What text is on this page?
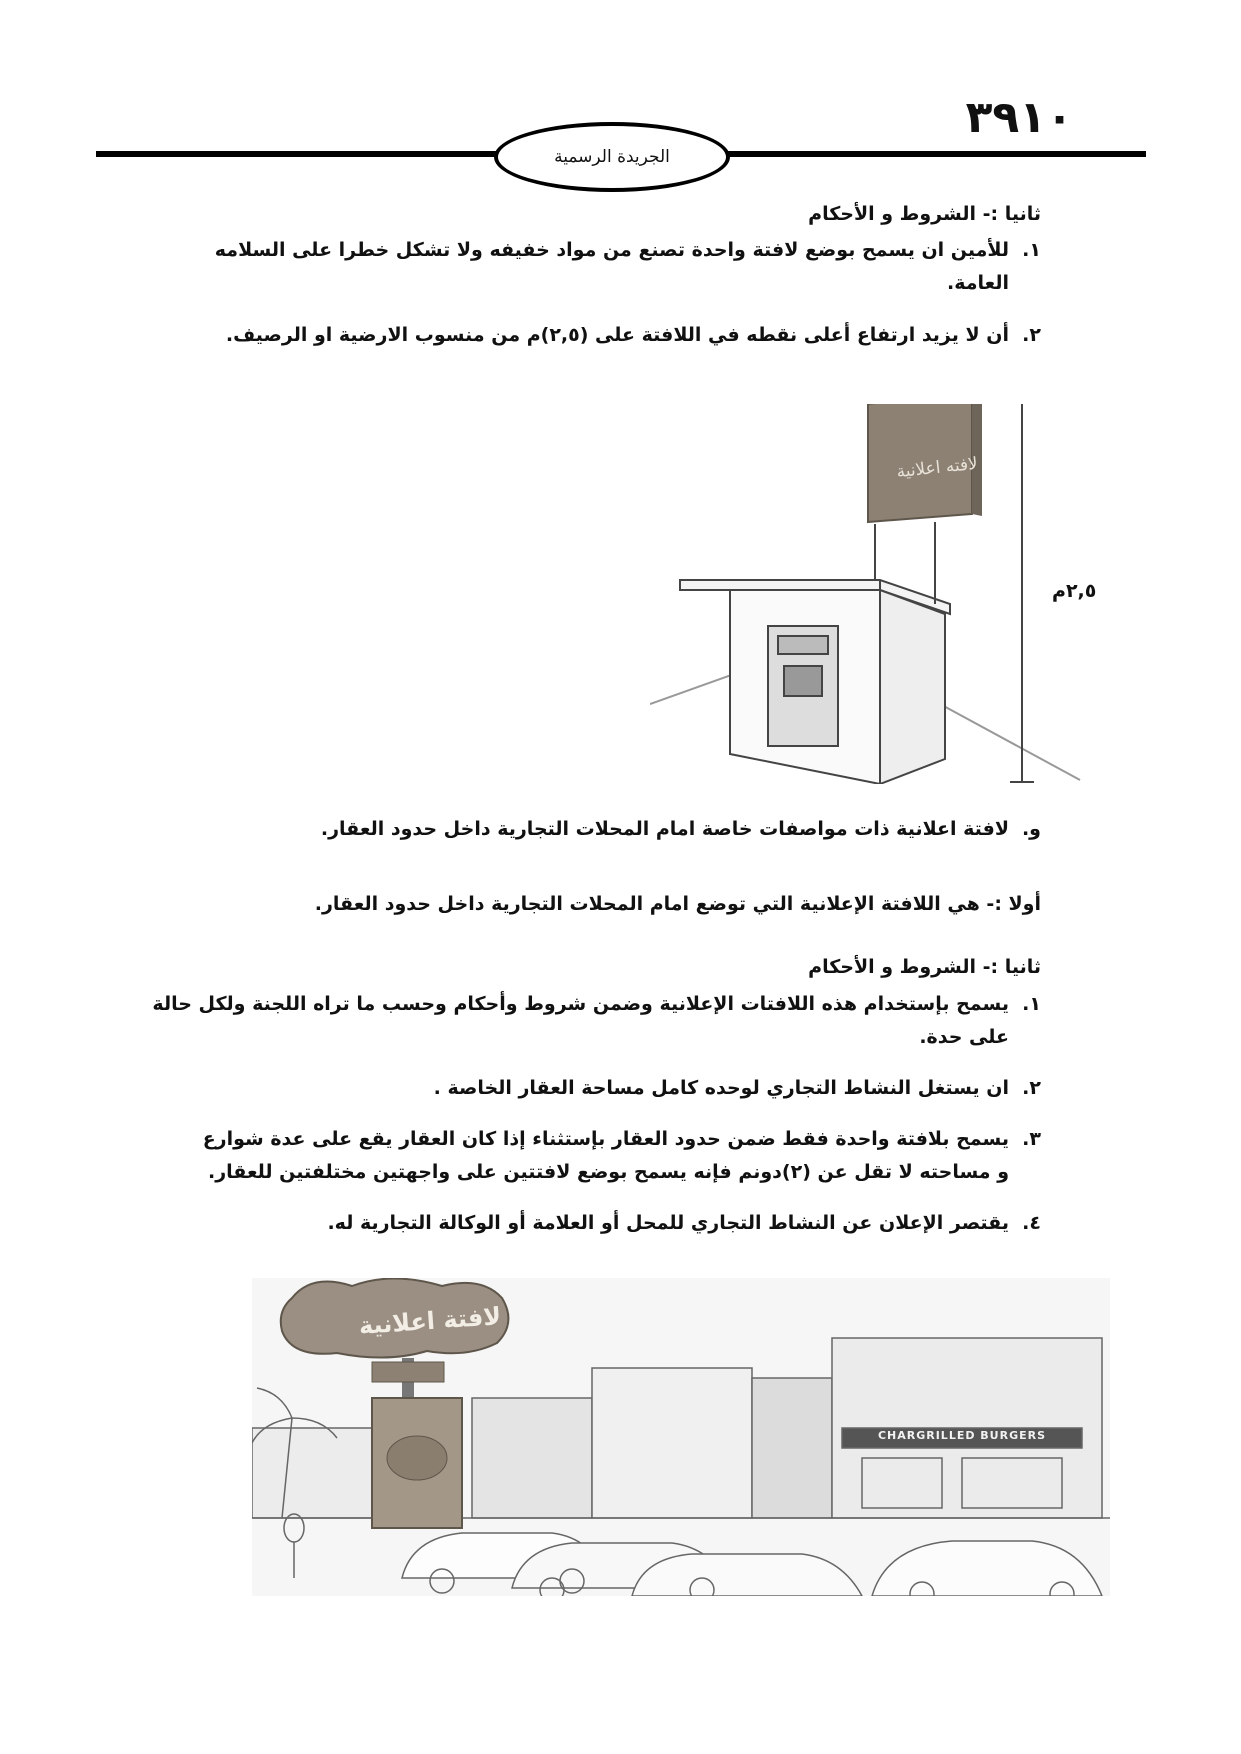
٣٩١٠
الجريدة الرسمية
ثانيا :- الشروط و الأحكام
١.للأمين ان يسمح بوضع لافتة واحدة تصنع من مواد خفيفه ولا تشكل خطرا على السلامه
العامة.
٢.أن لا يزيد ارتفاع أعلى نقطه في اللافتة على (٢,٥)م من منسوب الارضية او الرصيف.
لافته اعلانية
٢,٥م
و.لافتة اعلانية ذات مواصفات خاصة امام المحلات التجارية داخل حدود العقار.
أولا :- هي اللافتة الإعلانية التي توضع امام المحلات التجارية داخل حدود العقار.
ثانيا :- الشروط و الأحكام
١.يسمح بإستخدام هذه اللافتات الإعلانية وضمن شروط وأحكام وحسب ما تراه اللجنة ولكل حالة
على حدة.
٢.ان يستغل النشاط التجاري لوحده كامل مساحة العقار الخاصة .
٣.يسمح بلافتة واحدة فقط ضمن حدود العقار بإستثناء إذا كان العقار يقع على عدة شوارع
و مساحته لا تقل عن (٢)دونم فإنه يسمح بوضع لافتتين على واجهتين مختلفتين للعقار.
٤.يقتصر الإعلان عن النشاط التجاري للمحل أو العلامة أو الوكالة التجارية له.
لافتة اعلانية
CHARGRILLED BURGERS
